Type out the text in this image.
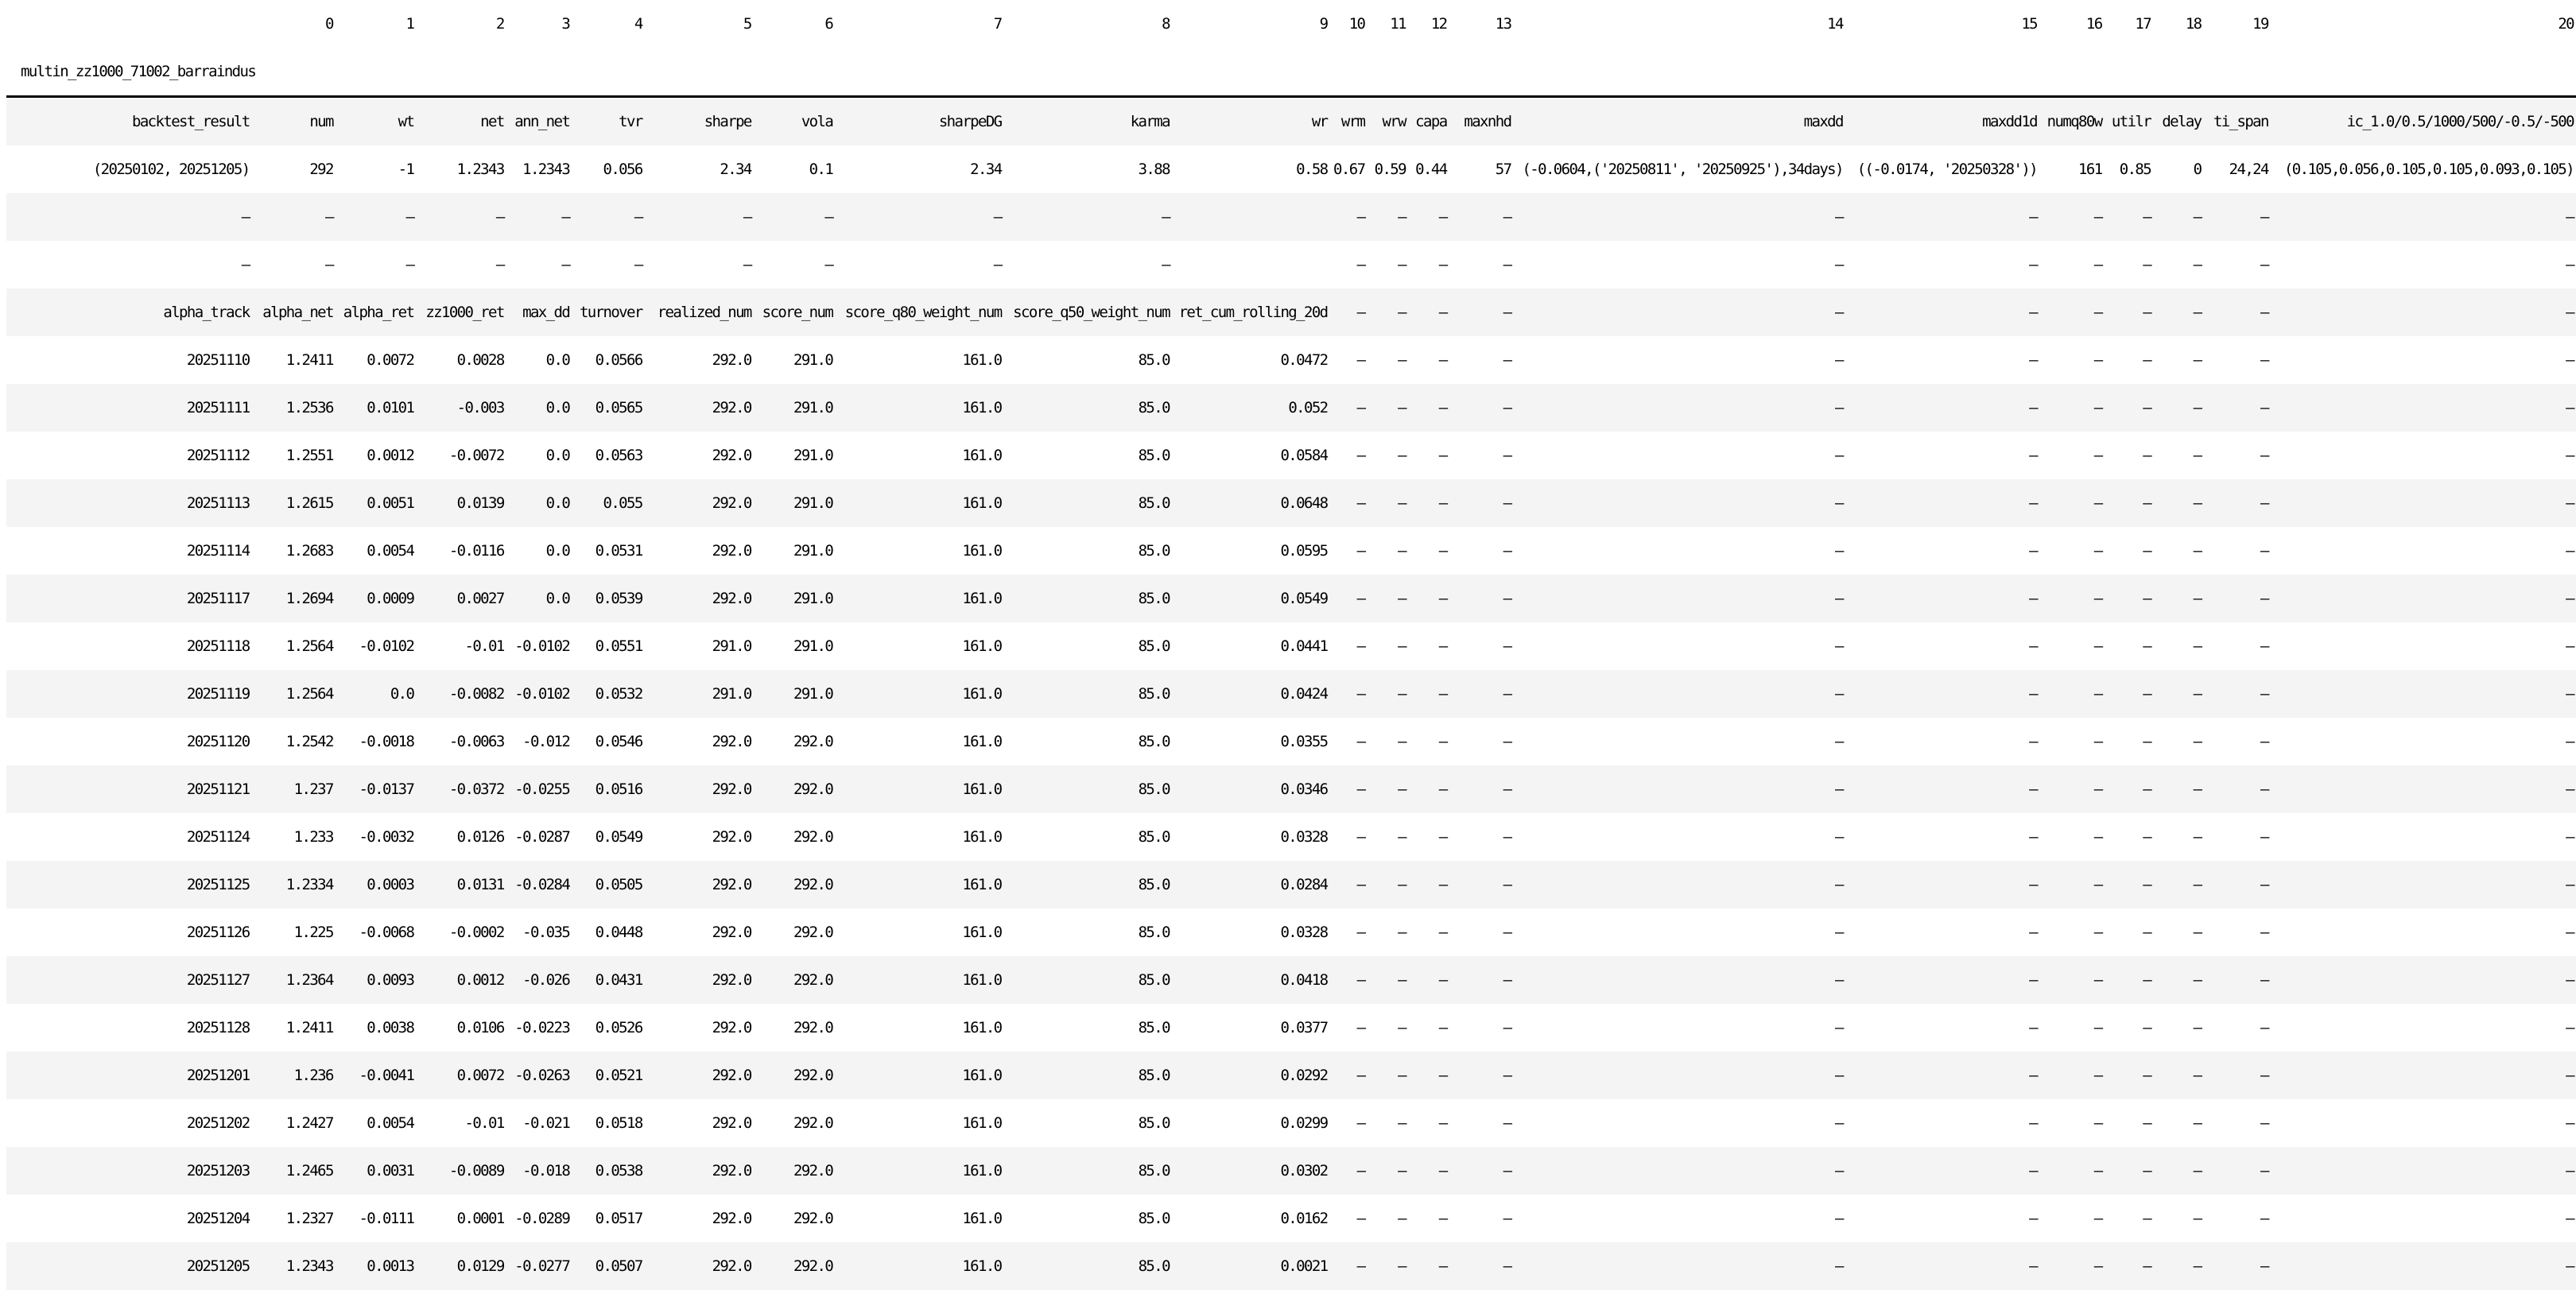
	0	1	2	3	4	5	6	7	8	9	10	11	12	13	14	15	16	17	18	19	20
multin_zz1000_71002_barraindus																					
backtest_result	num	wt	net	ann_net	tvr	sharpe	vola	sharpeDG	karma	wr	wrm	wrw	capa	maxnhd	maxdd	maxdd1d	numq80w	utilr	delay	ti_span	ic_1.0/0.5/1000/500/-0.5/-500
(20250102, 20251205)	292	-1	1.2343	1.2343	0.056	2.34	0.1	2.34	3.88	0.58	0.67	0.59	0.44	57	(-0.0604,('20250811', '20250925'),34days)	((-0.0174, '20250328'))	161	0.85	0	24,24	(0.105,0.056,0.105,0.105,0.093,0.105)
—	—	—	—	—	—	—	—	—	—		—	—	—	—	—	—	—	—	—	—	—
—	—	—	—	—	—	—	—	—	—		—	—	—	—	—	—	—	—	—	—	—
alpha_track	alpha_net	alpha_ret	zz1000_ret	max_dd	turnover	realized_num	score_num	score_q80_weight_num	score_q50_weight_num	ret_cum_rolling_20d	—	—	—	—	—	—	—	—	—	—	—
20251110	1.2411	0.0072	0.0028	0.0	0.0566	292.0	291.0	161.0	85.0	0.0472	—	—	—	—	—	—	—	—	—	—	—
20251111	1.2536	0.0101	-0.003	0.0	0.0565	292.0	291.0	161.0	85.0	0.052	—	—	—	—	—	—	—	—	—	—	—
20251112	1.2551	0.0012	-0.0072	0.0	0.0563	292.0	291.0	161.0	85.0	0.0584	—	—	—	—	—	—	—	—	—	—	—
20251113	1.2615	0.0051	0.0139	0.0	0.055	292.0	291.0	161.0	85.0	0.0648	—	—	—	—	—	—	—	—	—	—	—
20251114	1.2683	0.0054	-0.0116	0.0	0.0531	292.0	291.0	161.0	85.0	0.0595	—	—	—	—	—	—	—	—	—	—	—
20251117	1.2694	0.0009	0.0027	0.0	0.0539	292.0	291.0	161.0	85.0	0.0549	—	—	—	—	—	—	—	—	—	—	—
20251118	1.2564	-0.0102	-0.01	-0.0102	0.0551	291.0	291.0	161.0	85.0	0.0441	—	—	—	—	—	—	—	—	—	—	—
20251119	1.2564	0.0	-0.0082	-0.0102	0.0532	291.0	291.0	161.0	85.0	0.0424	—	—	—	—	—	—	—	—	—	—	—
20251120	1.2542	-0.0018	-0.0063	-0.012	0.0546	292.0	292.0	161.0	85.0	0.0355	—	—	—	—	—	—	—	—	—	—	—
20251121	1.237	-0.0137	-0.0372	-0.0255	0.0516	292.0	292.0	161.0	85.0	0.0346	—	—	—	—	—	—	—	—	—	—	—
20251124	1.233	-0.0032	0.0126	-0.0287	0.0549	292.0	292.0	161.0	85.0	0.0328	—	—	—	—	—	—	—	—	—	—	—
20251125	1.2334	0.0003	0.0131	-0.0284	0.0505	292.0	292.0	161.0	85.0	0.0284	—	—	—	—	—	—	—	—	—	—	—
20251126	1.225	-0.0068	-0.0002	-0.035	0.0448	292.0	292.0	161.0	85.0	0.0328	—	—	—	—	—	—	—	—	—	—	—
20251127	1.2364	0.0093	0.0012	-0.026	0.0431	292.0	292.0	161.0	85.0	0.0418	—	—	—	—	—	—	—	—	—	—	—
20251128	1.2411	0.0038	0.0106	-0.0223	0.0526	292.0	292.0	161.0	85.0	0.0377	—	—	—	—	—	—	—	—	—	—	—
20251201	1.236	-0.0041	0.0072	-0.0263	0.0521	292.0	292.0	161.0	85.0	0.0292	—	—	—	—	—	—	—	—	—	—	—
20251202	1.2427	0.0054	-0.01	-0.021	0.0518	292.0	292.0	161.0	85.0	0.0299	—	—	—	—	—	—	—	—	—	—	—
20251203	1.2465	0.0031	-0.0089	-0.018	0.0538	292.0	292.0	161.0	85.0	0.0302	—	—	—	—	—	—	—	—	—	—	—
20251204	1.2327	-0.0111	0.0001	-0.0289	0.0517	292.0	292.0	161.0	85.0	0.0162	—	—	—	—	—	—	—	—	—	—	—
20251205	1.2343	0.0013	0.0129	-0.0277	0.0507	292.0	292.0	161.0	85.0	0.0021	—	—	—	—	—	—	—	—	—	—	—
